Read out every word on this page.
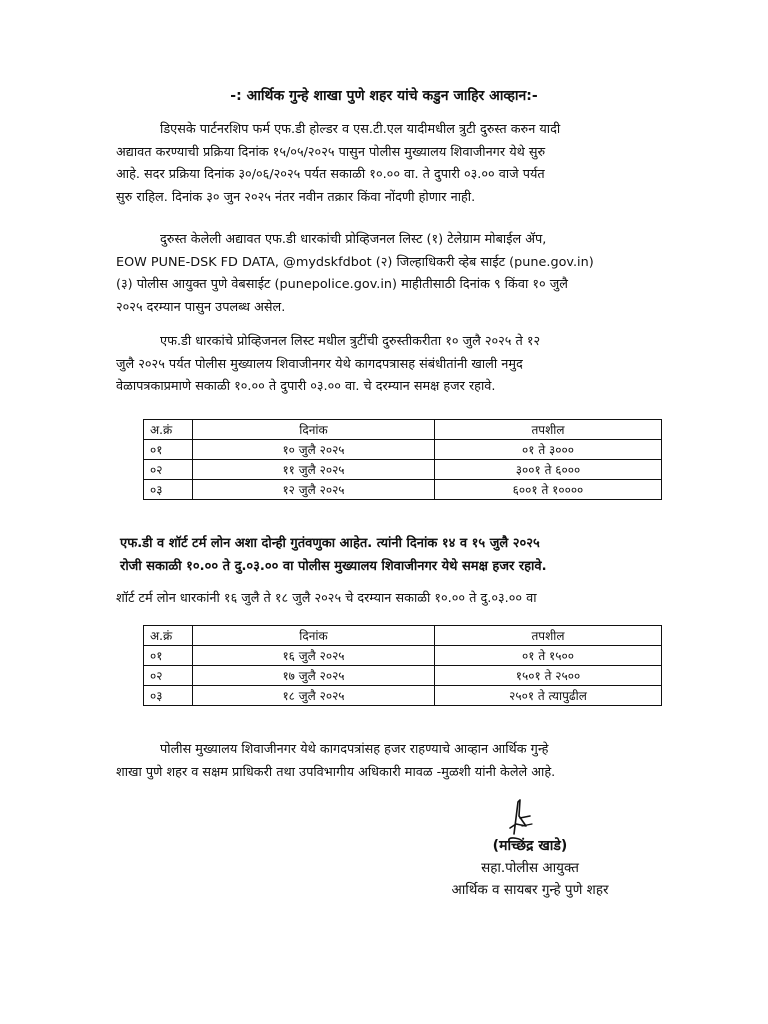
-: आर्थिक गुन्हे शाखा पुणे शहर यांचे कडुन जाहिर आव्हान:-
डिएसके पार्टनरशिप फर्म एफ.डी होल्डर व एस.टी.एल यादीमधील त्रुटी दुरुस्त करुन यादी
अद्यावत करण्याची प्रक्रिया दिनांक १५/०५/२०२५ पासुन पोलीस मुख्यालय शिवाजीनगर येथे सुरु
आहे. सदर प्रक्रिया दिनांक ३०/०६/२०२५ पर्यत सकाळी १०.०० वा. ते दुपारी ०३.०० वाजे पर्यत
सुरु राहिल. दिनांक ३० जुन २०२५ नंतर नवीन तक्रार किंवा नोंदणी होणार नाही.
दुरुस्त केलेली अद्यावत एफ.डी धारकांची प्रोव्हिजनल लिस्ट (१) टेलेग्राम मोबाईल ॲप,
EOW PUNE-DSK FD DATA, @mydskfdbot (२) जिल्हाधिकरी व्हेब साईट (pune.gov.in)
(३) पोलीस आयुक्त पुणे वेबसाईट (punepolice.gov.in) माहीतीसाठी दिनांक ९ किंवा १० जुलै
२०२५ दरम्यान पासुन उपलब्ध असेल.
एफ.डी धारकांचे प्रोव्हिजनल लिस्ट मधील त्रुटींची दुरुस्तीकरीता १० जुलै २०२५ ते १२
जुलै २०२५ पर्यत पोलीस मुख्यालय शिवाजीनगर येथे कागदपत्रासह संबंधीतांनी खाली नमुद
वेळापत्रकाप्रमाणे सकाळी १०.०० ते दुपारी ०३.०० वा. चे दरम्यान समक्ष हजर रहावे.
अ.क्रं	दिनांक	तपशील
०१	१० जुलै २०२५	०१ ते ३०००
०२	११ जुलै २०२५	३००१ ते ६०००
०३	१२ जुलै २०२५	६००१ ते १००००
एफ.डी व शॉर्ट टर्म लोन अशा दोन्ही गुतंवणुका आहेत. त्यांनी दिनांक १४ व १५ जुलै २०२५
रोजी सकाळी १०.०० ते दु.०३.०० वा पोलीस मुख्यालय शिवाजीनगर येथे समक्ष हजर रहावे.
शॉर्ट टर्म लोन धारकांनी १६ जुलै ते १८ जुलै २०२५ चे दरम्यान सकाळी १०.०० ते दु.०३.०० वा
अ.क्रं	दिनांक	तपशील
०१	१६ जुलै २०२५	०१ ते १५००
०२	१७ जुलै २०२५	१५०१ ते २५००
०३	१८ जुलै २०२५	२५०१ ते त्यापुढील
पोलीस मुख्यालय शिवाजीनगर येथे कागदपत्रांसह हजर राहण्याचे आव्हान आर्थिक गुन्हे
शाखा पुणे शहर व सक्षम प्राधिकरी तथा उपविभागीय अधिकारी मावळ -मुळशी यांनी केलेले आहे.
(मच्छिंद्र खाडे)
सहा.पोलीस आयुक्त
आर्थिक व सायबर गुन्हे पुणे शहर
